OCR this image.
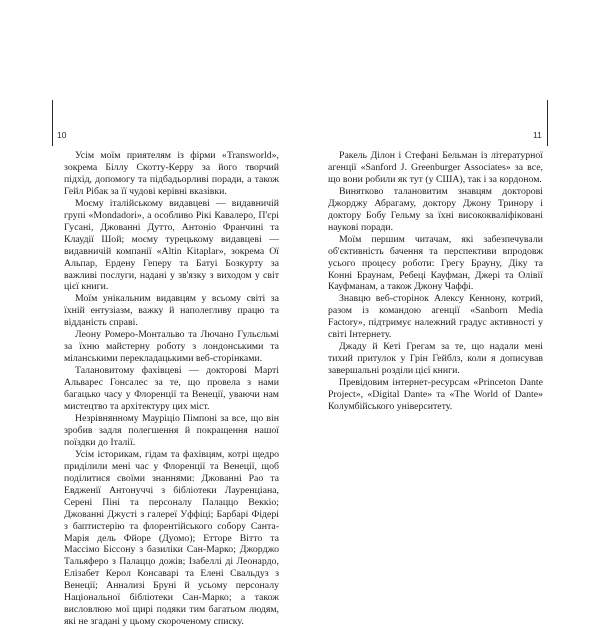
10	11

Усім моїм приятелям із фірми «Transworld», зокрема Біллу Скотту-Керру за його творчий підхід, допомогу та підбадьорливі поради, а також Гейл Рібак за її чудові керівні вказівки.

Моєму італійському видавцеві — видавничій групі «Mondadori», а особливо Рікі Кавалеро, П'єрі Гусані, Джованні Дутто, Антоніо Франчині та Клаудії Шой; моєму турецькому видавцеві — видавничій компанії «Altin Kitaplar», зокрема Ої Альпар, Ердену Геперу та Батуі Бозкурту за важливі послуги, надані у зв'язку з виходом у світ цієї книги.

Моїм унікальним видавцям у всьому світі за їхній ентузіазм, важку й наполегливу працю та відданість справі.

Леону Ромеро-Монтальво та Лючано Гульєльмі за їхню майстерну роботу з лондонськими та міланськими перекладацькими веб-сторінками.

Талановитому фахівцеві — докторові Марті Альварес Гонсалес за те, що провела з нами багацько часу у Флоренції та Венеції, уваючи нам мистецтво та архітектуру цих міст.

Незрівнянному Мауріціо Пімпоні за все, що він зробив задля полегшення й покращення нашої поїздки до Італії.

Усім історикам, гідам та фахівцям, котрі щедро приділили мені час у Флоренції та Венеції, щоб поділитися своїми знаннями: Джованні Рао та Евдженії Антонуччі з бібліотеки Лауренціана, Серені Піні та персоналу Палаццо Веккіо; Джованні Джусті з галереї Уффіці; Барбарі Фідері з баптистерію та флорентійського собору Санта-Марія дель Фйоре (Дуомо); Етторе Вітто та Массімо Біссону з базиліки Сан-Марко; Джорджо Тальяферо з Палаццо дожів; Ізабеллі ді Леонардо, Елізабет Керол Консаварі та Елені Свальдуз з Венеції; Аннализі Бруні й усьому персоналу Національної бібліотеки Сан-Марко; а також висловлюю мої щирі подяки тим багатьом людям, які не згадані у цьому скороченому списку.

Ракель Ділон і Стефані Бельман із літературної агенції «Sanford J. Greenburger Associates» за все, що вони робили як тут (у США), так і за кордоном.

Винятково талановитим знавцям докторові Джорджу Абрагаму, доктору Джону Тринору і доктору Бобу Гельму за їхні висококваліфіковані наукові поради.

Моїм першим читачам, які забезпечували об'єктивність бачення та перспективи впродовж усього процесу роботи: Грегу Брауну, Діку та Конні Браунам, Ребеці Кауфман, Джері та Олівії Кауфманам, а також Джону Чаффі.

Знавцю веб-сторінок Алексу Кеннону, котрий, разом із командою агенції «Sanborn Media Factory», підтримує належний градус активності у світі Інтернету.

Джаду й Кеті Грегам за те, що надали мені тихий притулок у Грін Гейблз, коли я дописував завершальні розділи цієї книги.

Превідовим інтернет-ресурсам «Princeton Dante Project», «Digital Dante» та «The World of Dante» Колумбійського університету.
